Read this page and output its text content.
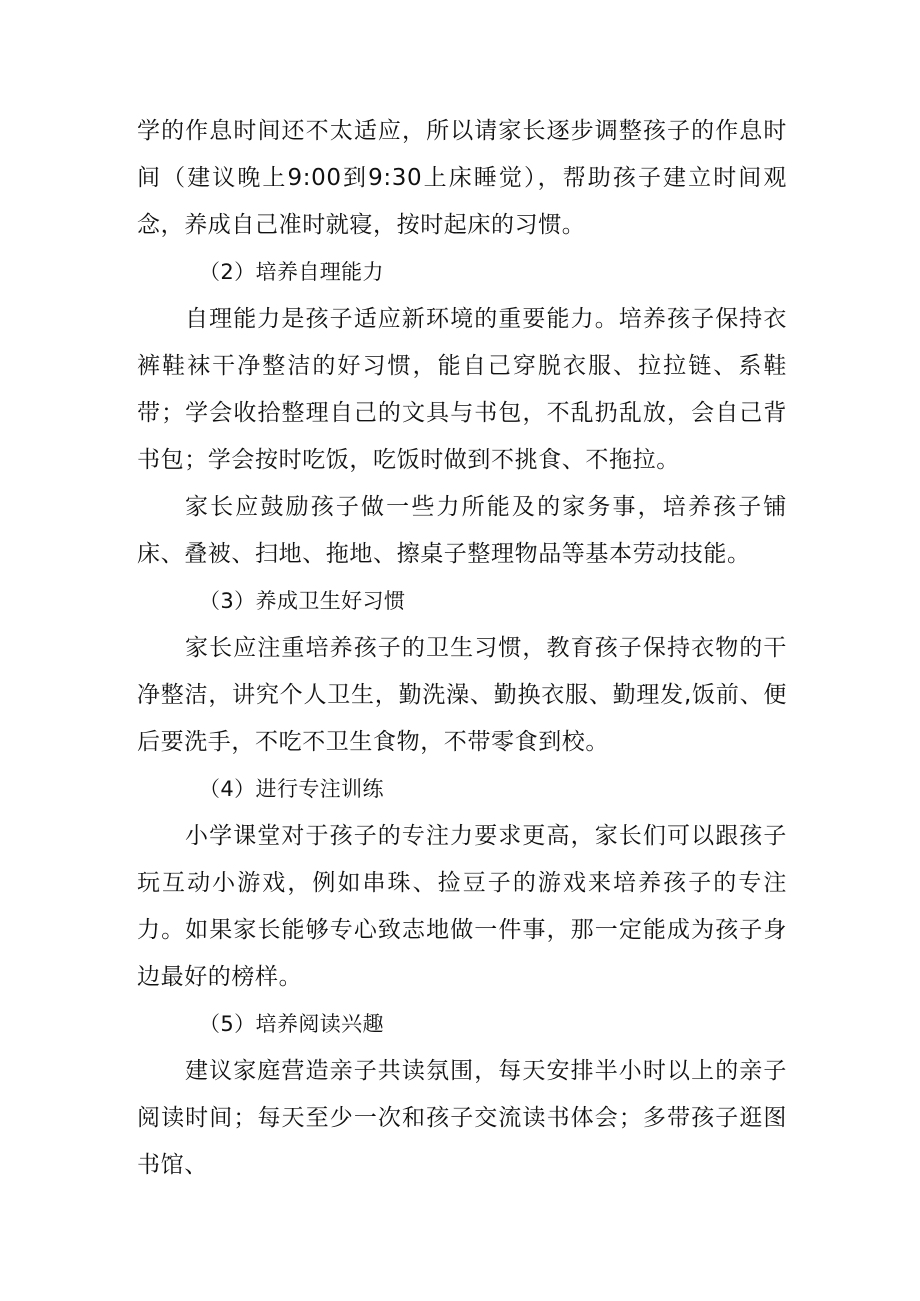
学的作息时间还不太适应，所以请家长逐步调整孩子的作息时间（建议晚上9:00到9:30上床睡觉），帮助孩子建立时间观念，养成自己准时就寝，按时起床的习惯。

（2）培养自理能力

自理能力是孩子适应新环境的重要能力。培养孩子保持衣裤鞋袜干净整洁的好习惯，能自己穿脱衣服、拉拉链、系鞋带；学会收拾整理自己的文具与书包，不乱扔乱放，会自己背书包；学会按时吃饭，吃饭时做到不挑食、不拖拉。

家长应鼓励孩子做一些力所能及的家务事，培养孩子铺床、叠被、扫地、拖地、擦桌子整理物品等基本劳动技能。

（3）养成卫生好习惯

家长应注重培养孩子的卫生习惯，教育孩子保持衣物的干净整洁，讲究个人卫生，勤洗澡、勤换衣服、勤理发,饭前、便后要洗手，不吃不卫生食物，不带零食到校。

（4）进行专注训练

小学课堂对于孩子的专注力要求更高，家长们可以跟孩子玩互动小游戏，例如串珠、捡豆子的游戏来培养孩子的专注力。如果家长能够专心致志地做一件事，那一定能成为孩子身边最好的榜样。

（5）培养阅读兴趣

建议家庭营造亲子共读氛围，每天安排半小时以上的亲子阅读时间；每天至少一次和孩子交流读书体会；多带孩子逛图书馆、
